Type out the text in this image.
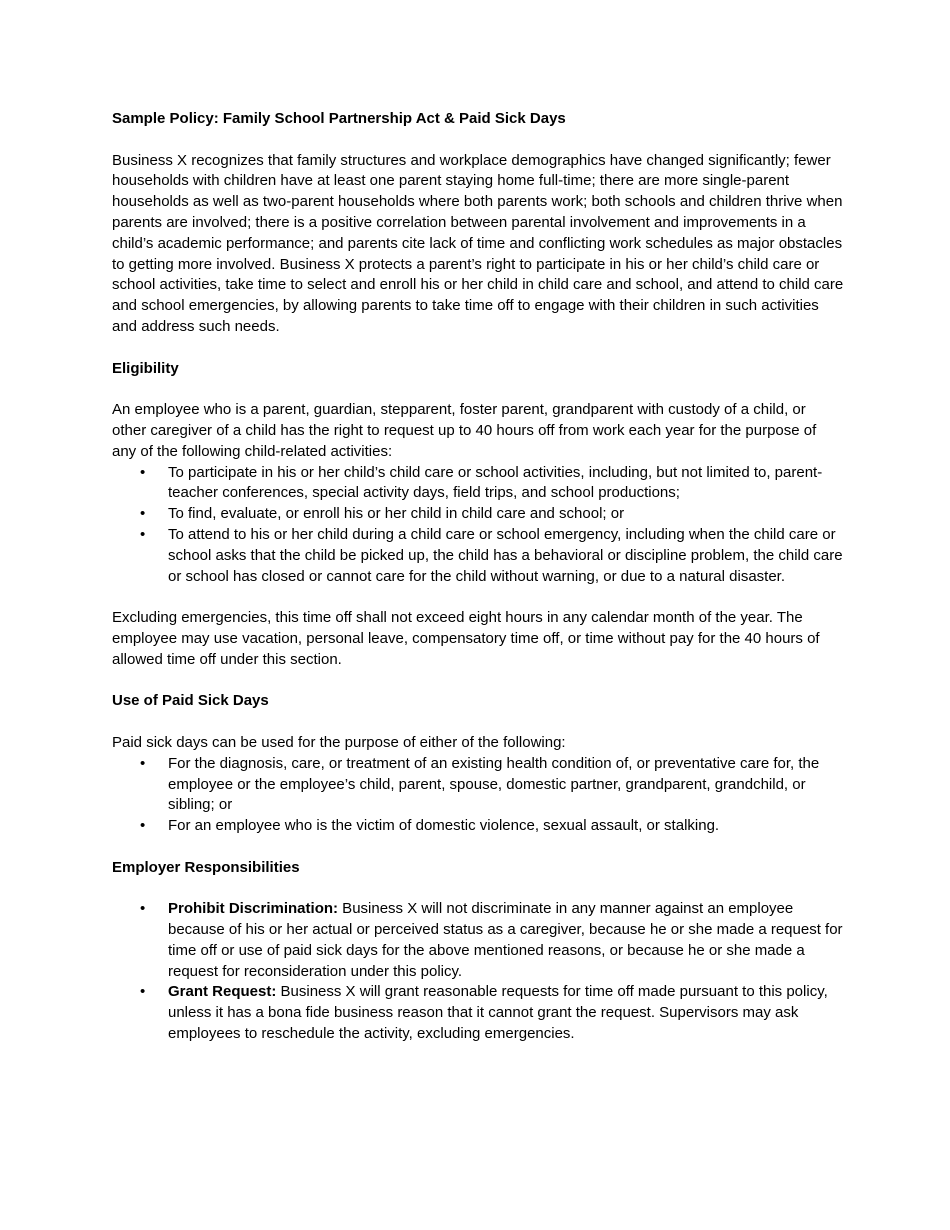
Sample Policy: Family School Partnership Act & Paid Sick Days

Business X recognizes that family structures and workplace demographics have changed significantly; fewer households with children have at least one parent staying home full-time; there are more single-parent households as well as two-parent households where both parents work; both schools and children thrive when parents are involved; there is a positive correlation between parental involvement and improvements in a child’s academic performance; and parents cite lack of time and conflicting work schedules as major obstacles to getting more involved. Business X protects a parent’s right to participate in his or her child’s child care or school activities, take time to select and enroll his or her child in child care and school, and attend to child care and school emergencies, by allowing parents to take time off to engage with their children in such activities and address such needs.

Eligibility

An employee who is a parent, guardian, stepparent, foster parent, grandparent with custody of a child, or other caregiver of a child has the right to request up to 40 hours off from work each year for the purpose of any of the following child-related activities:

• To participate in his or her child’s child care or school activities, including, but not limited to, parent-teacher conferences, special activity days, field trips, and school productions;
• To find, evaluate, or enroll his or her child in child care and school; or
• To attend to his or her child during a child care or school emergency, including when the child care or school asks that the child be picked up, the child has a behavioral or discipline problem, the child care or school has closed or cannot care for the child without warning, or due to a natural disaster.

Excluding emergencies, this time off shall not exceed eight hours in any calendar month of the year. The employee may use vacation, personal leave, compensatory time off, or time without pay for the 40 hours of allowed time off under this section.

Use of Paid Sick Days

Paid sick days can be used for the purpose of either of the following:

• For the diagnosis, care, or treatment of an existing health condition of, or preventative care for, the employee or the employee’s child, parent, spouse, domestic partner, grandparent, grandchild, or sibling; or
• For an employee who is the victim of domestic violence, sexual assault, or stalking.

Employer Responsibilities

• Prohibit Discrimination: Business X will not discriminate in any manner against an employee because of his or her actual or perceived status as a caregiver, because he or she made a request for time off or use of paid sick days for the above mentioned reasons, or because he or she made a request for reconsideration under this policy.
• Grant Request: Business X will grant reasonable requests for time off made pursuant to this policy, unless it has a bona fide business reason that it cannot grant the request. Supervisors may ask employees to reschedule the activity, excluding emergencies.
